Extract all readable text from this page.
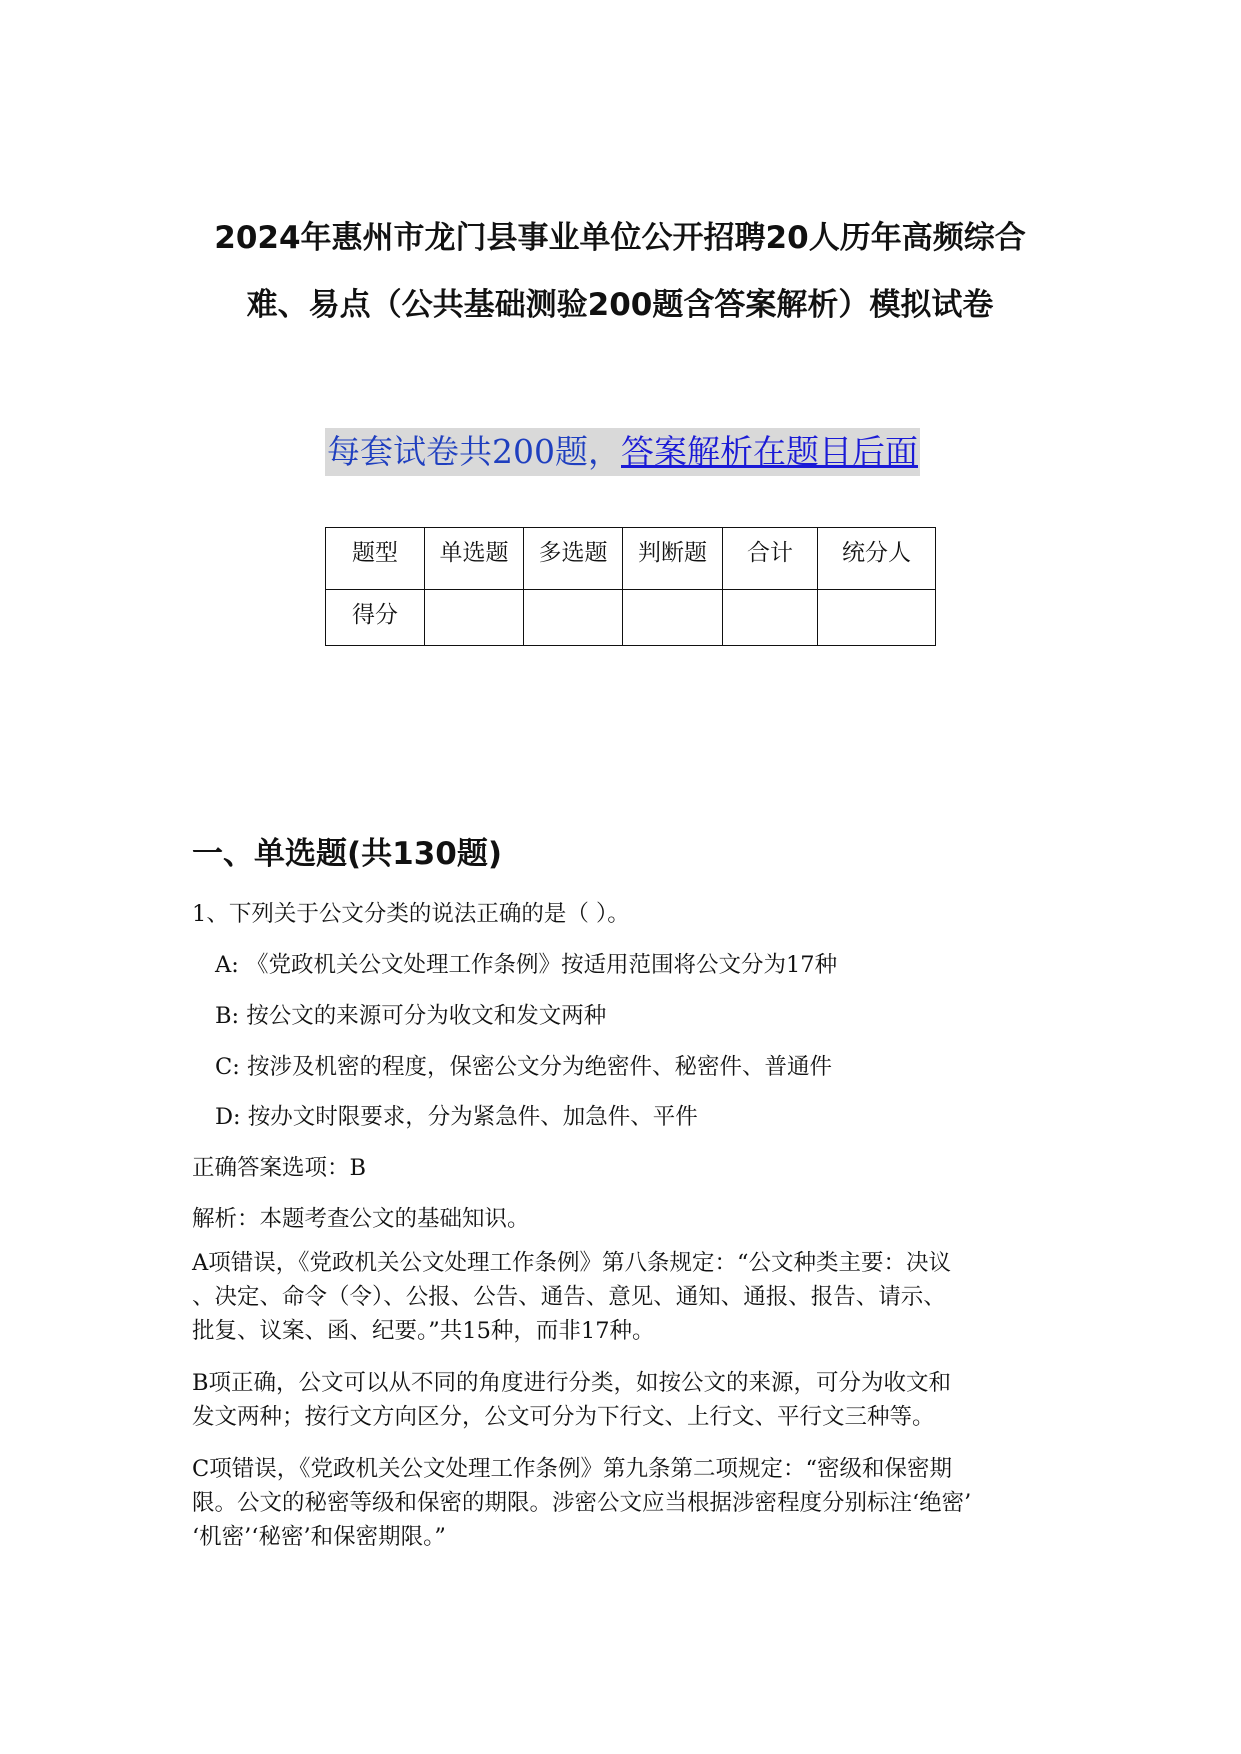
2024年惠州市龙门县事业单位公开招聘20人历年高频综合
难、易点（公共基础测验200题含答案解析）模拟试卷
每套试卷共200题，答案解析在题目后面
题型	单选题	多选题	判断题	合计	统分人
得分					
一、单选题(共130题)
1、下列关于公文分类的说法正确的是（ ）。
A: 《党政机关公文处理工作条例》按适用范围将公文分为17种
B: 按公文的来源可分为收文和发文两种
C: 按涉及机密的程度，保密公文分为绝密件、秘密件、普通件
D: 按办文时限要求，分为紧急件、加急件、平件
正确答案选项：B
解析：本题考查公文的基础知识。

A项错误，《党政机关公文处理工作条例》第八条规定：“公文种类主要：决议
、决定、命令（令）、公报、公告、通告、意见、通知、通报、报告、请示、
批复、议案、函、纪要。”共15种，而非17种。

B项正确，公文可以从不同的角度进行分类，如按公文的来源，可分为收文和
发文两种；按行文方向区分，公文可分为下行文、上行文、平行文三种等。

C项错误，《党政机关公文处理工作条例》第九条第二项规定：“密级和保密期
限。公文的秘密等级和保密的期限。涉密公文应当根据涉密程度分别标注‘绝密’
‘机密’‘秘密’和保密期限。”
